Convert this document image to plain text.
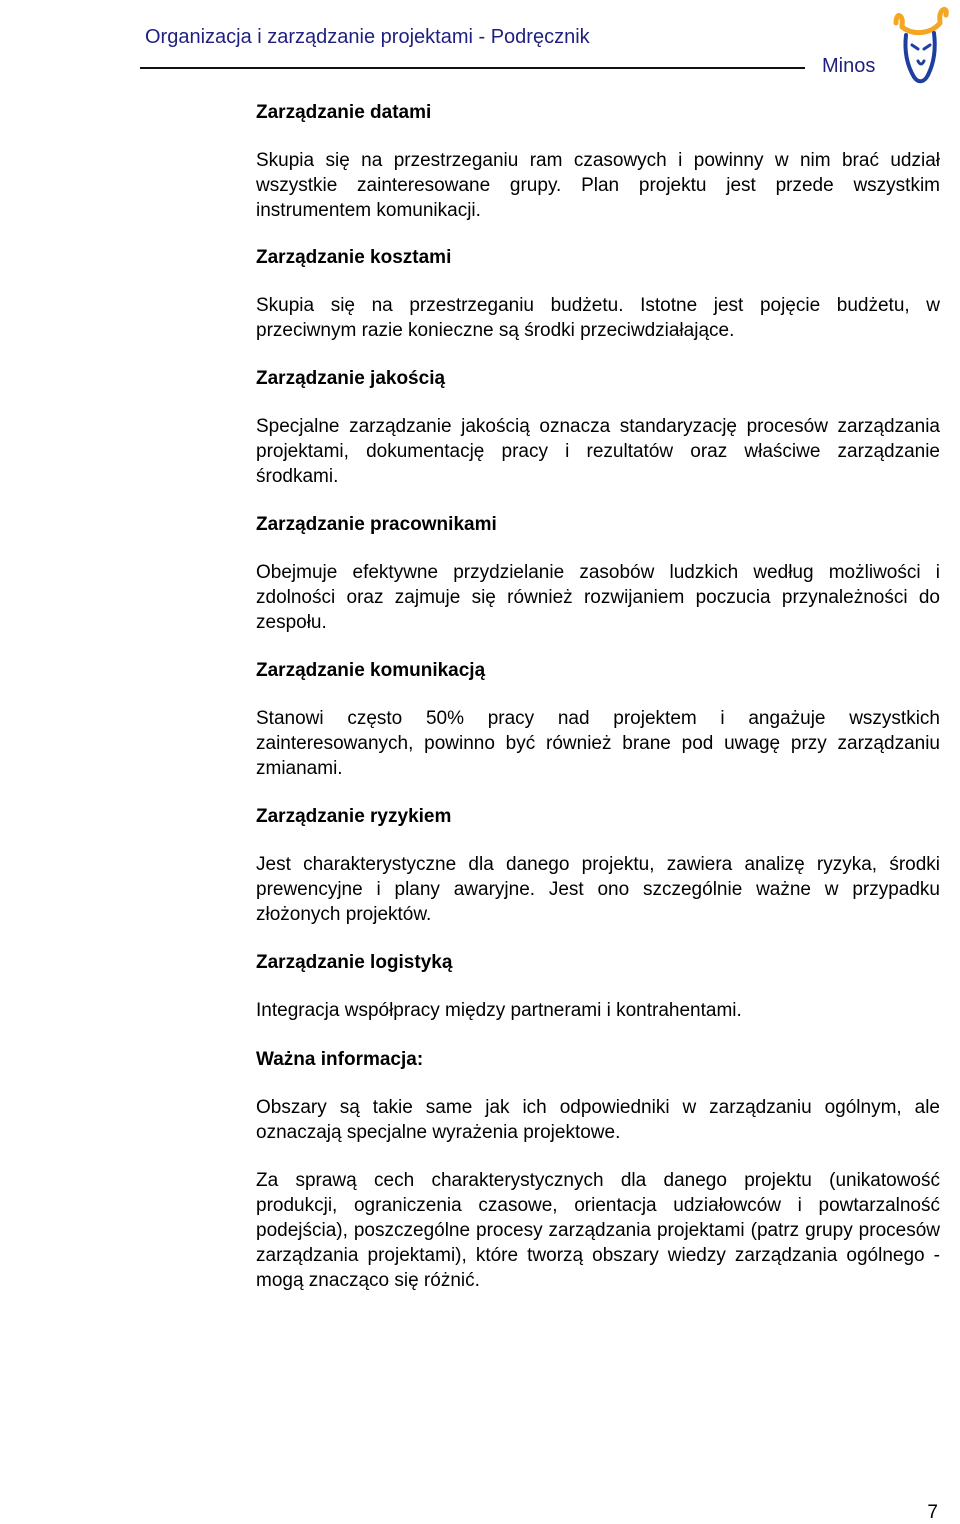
Organizacja i zarządzanie projektami - Podręcznik
Minos
Zarządzanie datami
Skupia się na przestrzeganiu ram czasowych i powinny w nim brać udział wszystkie zainteresowane grupy. Plan projektu jest przede wszystkim instrumentem komunikacji.
Zarządzanie kosztami
Skupia się na przestrzeganiu budżetu. Istotne jest pojęcie budżetu, w przeciwnym razie konieczne są środki przeciwdziałające.
Zarządzanie jakością
Specjalne zarządzanie jakością oznacza standaryzację procesów zarządzania projektami, dokumentację pracy i rezultatów oraz właściwe zarządzanie środkami.
Zarządzanie pracownikami
Obejmuje efektywne przydzielanie zasobów ludzkich według możliwości i zdolności oraz zajmuje się również rozwijaniem poczucia przynależności do zespołu.
Zarządzanie komunikacją
Stanowi często 50% pracy nad projektem i angażuje wszystkich zainteresowanych, powinno być również brane pod uwagę przy zarządzaniu zmianami.
Zarządzanie ryzykiem
Jest charakterystyczne dla danego projektu, zawiera analizę ryzyka, środki prewencyjne i plany awaryjne. Jest ono szczególnie ważne w przypadku złożonych projektów.
Zarządzanie logistyką
Integracja współpracy między partnerami i kontrahentami.
Ważna informacja:
Obszary są takie same jak ich odpowiedniki w zarządzaniu ogólnym, ale oznaczają specjalne wyrażenia projektowe.
Za sprawą cech charakterystycznych dla danego projektu (unikatowość produkcji, ograniczenia czasowe, orientacja udziałowców i powtarzalność podejścia), poszczególne procesy zarządzania projektami (patrz grupy procesów zarządzania projektami), które tworzą obszary wiedzy zarządzania ogólnego - mogą znacząco się różnić.
7
